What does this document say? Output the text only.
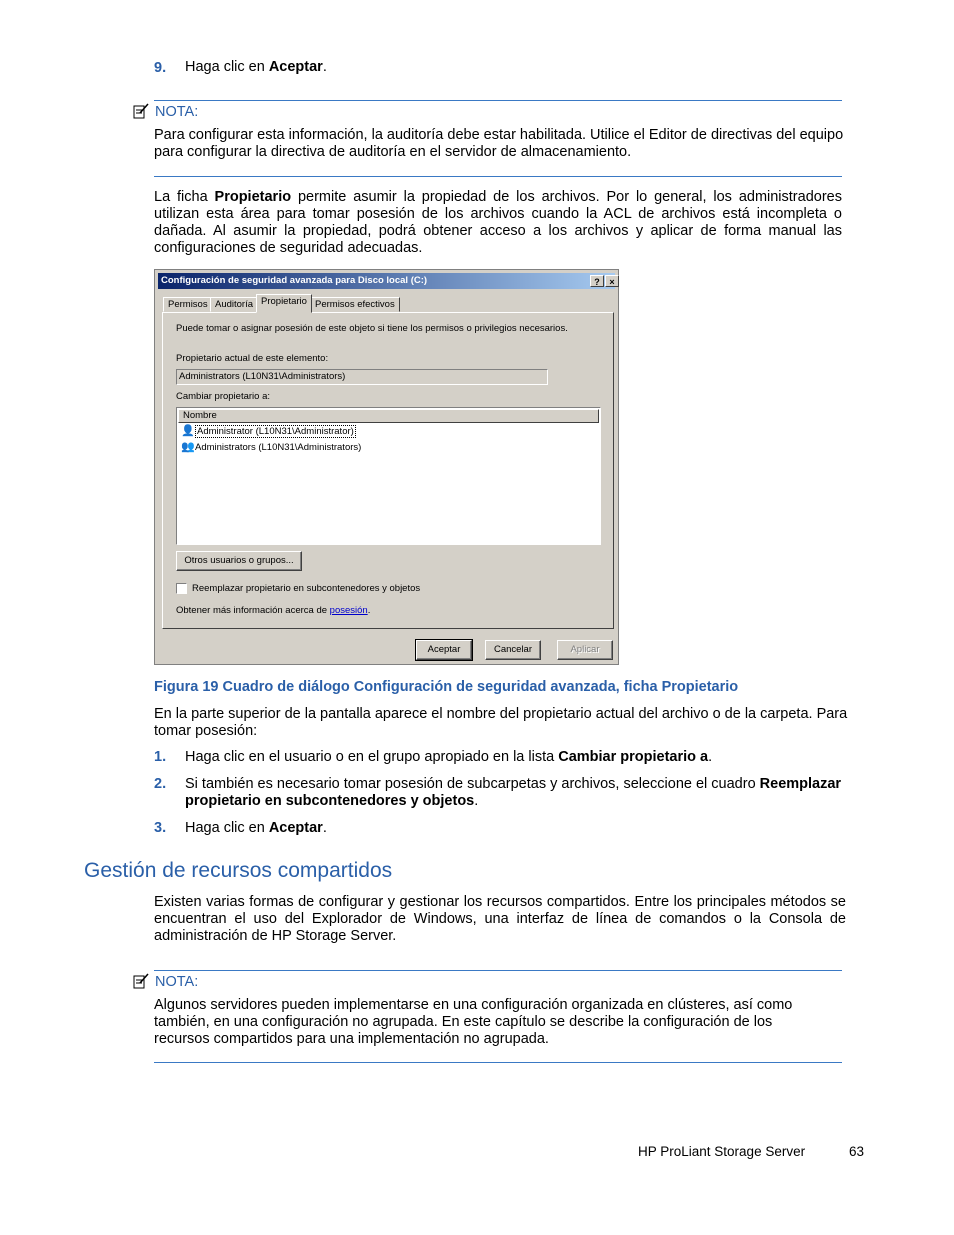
9. Haga clic en Aceptar.
NOTA:
Para configurar esta información, la auditoría debe estar habilitada. Utilice el Editor de directivas del equipo para configurar la directiva de auditoría en el servidor de almacenamiento.
La ficha Propietario permite asumir la propiedad de los archivos. Por lo general, los administradores utilizan esta área para tomar posesión de los archivos cuando la ACL de archivos está incompleta o dañada. Al asumir la propiedad, podrá obtener acceso a los archivos y aplicar de forma manual las configuraciones de seguridad adecuadas.
Configuración de seguridad avanzada para Disco local (C:)	?	×
Permisos Auditoría Propietario Permisos efectivos
Puede tomar o asignar posesión de este objeto si tiene los permisos o privilegios necesarios.
Propietario actual de este elemento:
Administrators (L10N31\Administrators)
Cambiar propietario a:
Nombre
👤 Administrator (L10N31\Administrator)
👥Administrators (L10N31\Administrators)
Otros usuarios o grupos...
Reemplazar propietario en subcontenedores y objetos
Obtener más información acerca de posesión.
Aceptar	Cancelar	Aplicar
Figura 19 Cuadro de diálogo Configuración de seguridad avanzada, ficha Propietario
En la parte superior de la pantalla aparece el nombre del propietario actual del archivo o de la carpeta. Para tomar posesión:
1. Haga clic en el usuario o en el grupo apropiado en la lista Cambiar propietario a.
2. Si también es necesario tomar posesión de subcarpetas y archivos, seleccione el cuadro Reemplazar propietario en subcontenedores y objetos.
3. Haga clic en Aceptar.
Gestión de recursos compartidos
Existen varias formas de configurar y gestionar los recursos compartidos. Entre los principales métodos se encuentran el uso del Explorador de Windows, una interfaz de línea de comandos o la Consola de administración de HP Storage Server.
NOTA:
Algunos servidores pueden implementarse en una configuración organizada en clústeres, así como también, en una configuración no agrupada. En este capítulo se describe la configuración de los recursos compartidos para una implementación no agrupada.
HP ProLiant Storage Server	63
